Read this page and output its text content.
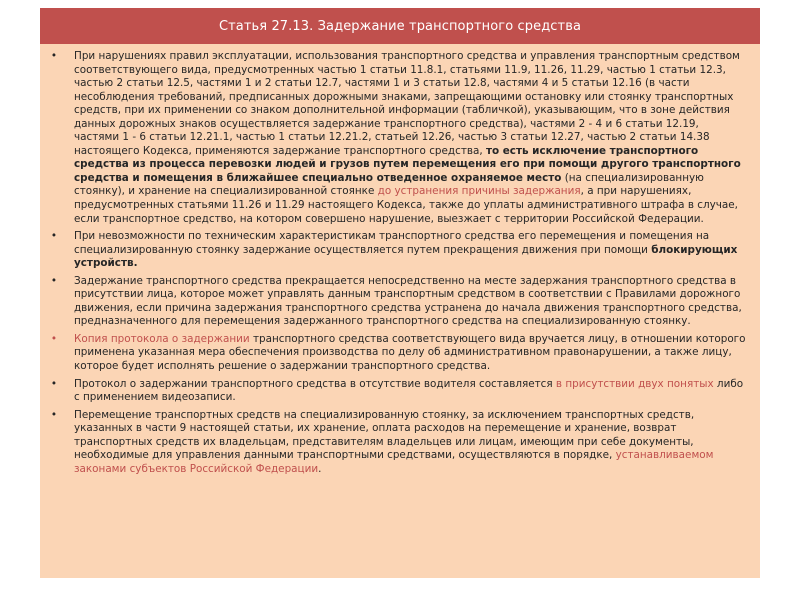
Статья 27.13. Задержание транспортного средства
• При нарушениях правил эксплуатации, использования транспортного средства и управления транспортным средством соответствующего вида, предусмотренных частью 1 статьи 11.8.1, статьями 11.9, 11.26, 11.29, частью 1 статьи 12.3, частью 2 статьи 12.5, частями 1 и 2 статьи 12.7, частями 1 и 3 статьи 12.8, частями 4 и 5 статьи 12.16 (в части несоблюдения требований, предписанных дорожными знаками, запрещающими остановку или стоянку транспортных средств, при их применении со знаком дополнительной информации (табличкой), указывающим, что в зоне действия данных дорожных знаков осуществляется задержание транспортного средства), частями 2 - 4 и 6 статьи 12.19, частями 1 - 6 статьи 12.21.1, частью 1 статьи 12.21.2, статьей 12.26, частью 3 статьи 12.27, частью 2 статьи 14.38 настоящего Кодекса, применяются задержание транспортного средства, то есть исключение транспортного средства из процесса перевозки людей и грузов путем перемещения его при помощи другого транспортного средства и помещения в ближайшее специально отведенное охраняемое место (на специализированную стоянку), и хранение на специализированной стоянке до устранения причины задержания, а при нарушениях, предусмотренных статьями 11.26 и 11.29 настоящего Кодекса, также до уплаты административного штрафа в случае, если транспортное средство, на котором совершено нарушение, выезжает с территории Российской Федерации.
• При невозможности по техническим характеристикам транспортного средства его перемещения и помещения на специализированную стоянку задержание осуществляется путем прекращения движения при помощи блокирующих устройств.
• Задержание транспортного средства прекращается непосредственно на месте задержания транспортного средства в присутствии лица, которое может управлять данным транспортным средством в соответствии с Правилами дорожного движения, если причина задержания транспортного средства устранена до начала движения транспортного средства, предназначенного для перемещения задержанного транспортного средства на специализированную стоянку.
• Копия протокола о задержании транспортного средства соответствующего вида вручается лицу, в отношении которого применена указанная мера обеспечения производства по делу об административном правонарушении, а также лицу, которое будет исполнять решение о задержании транспортного средства.
• Протокол о задержании транспортного средства в отсутствие водителя составляется в присутствии двух понятых либо с применением видеозаписи.
• Перемещение транспортных средств на специализированную стоянку, за исключением транспортных средств, указанных в части 9 настоящей статьи, их хранение, оплата расходов на перемещение и хранение, возврат транспортных средств их владельцам, представителям владельцев или лицам, имеющим при себе документы, необходимые для управления данными транспортными средствами, осуществляются в порядке, устанавливаемом законами субъектов Российской Федерации.
